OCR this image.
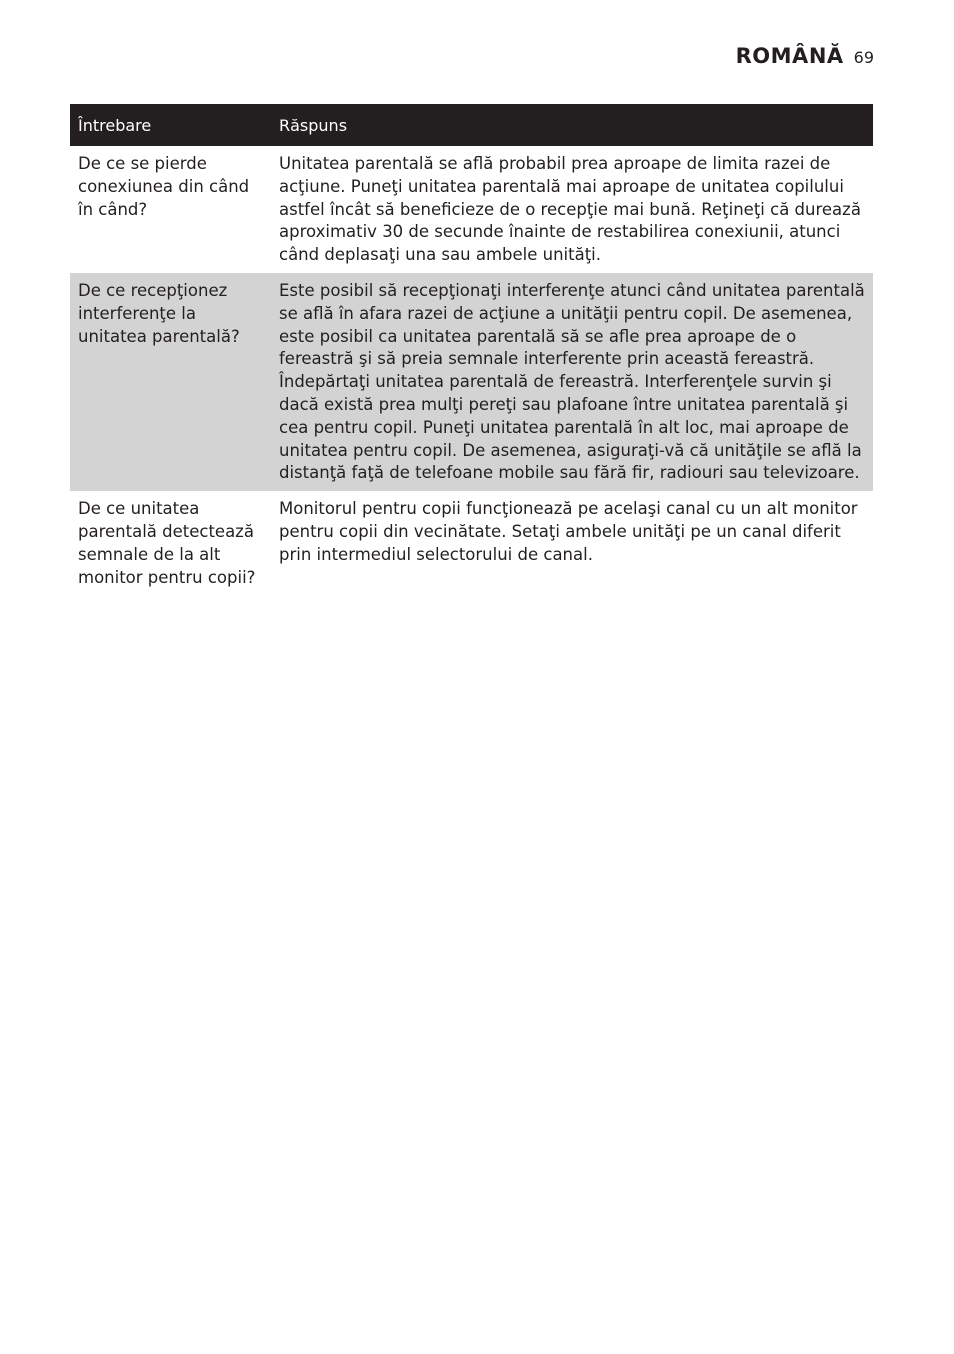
ROMÂNĂ 69
Întrebare	Răspuns
De ce se pierde conexiunea din când în când?	Unitatea parentală se află probabil prea aproape de limita razei de acţiune. Puneţi unitatea parentală mai aproape de unitatea copilului astfel încât să beneficieze de o recepţie mai bună. Reţineţi că durează aproximativ 30 de secunde înainte de restabilirea conexiunii, atunci când deplasaţi una sau ambele unităţi.
De ce recepţionez interferenţe la unitatea parentală?	Este posibil să recepţionaţi interferenţe atunci când unitatea parentală se află în afara razei de acţiune a unităţii pentru copil. De asemenea, este posibil ca unitatea parentală să se afle prea aproape de o fereastră şi să preia semnale interferente prin această fereastră. Îndepărtaţi unitatea parentală de fereastră. Interferenţele survin şi dacă există prea mulţi pereţi sau plafoane între unitatea parentală şi cea pentru copil. Puneţi unitatea parentală în alt loc, mai aproape de unitatea pentru copil. De asemenea, asiguraţi-vă că unităţile se află la distanţă faţă de telefoane mobile sau fără fir, radiouri sau televizoare.
De ce unitatea parentală detectează semnale de la alt monitor pentru copii?	Monitorul pentru copii funcţionează pe acelaşi canal cu un alt monitor pentru copii din vecinătate. Setaţi ambele unităţi pe un canal diferit prin intermediul selectorului de canal.
